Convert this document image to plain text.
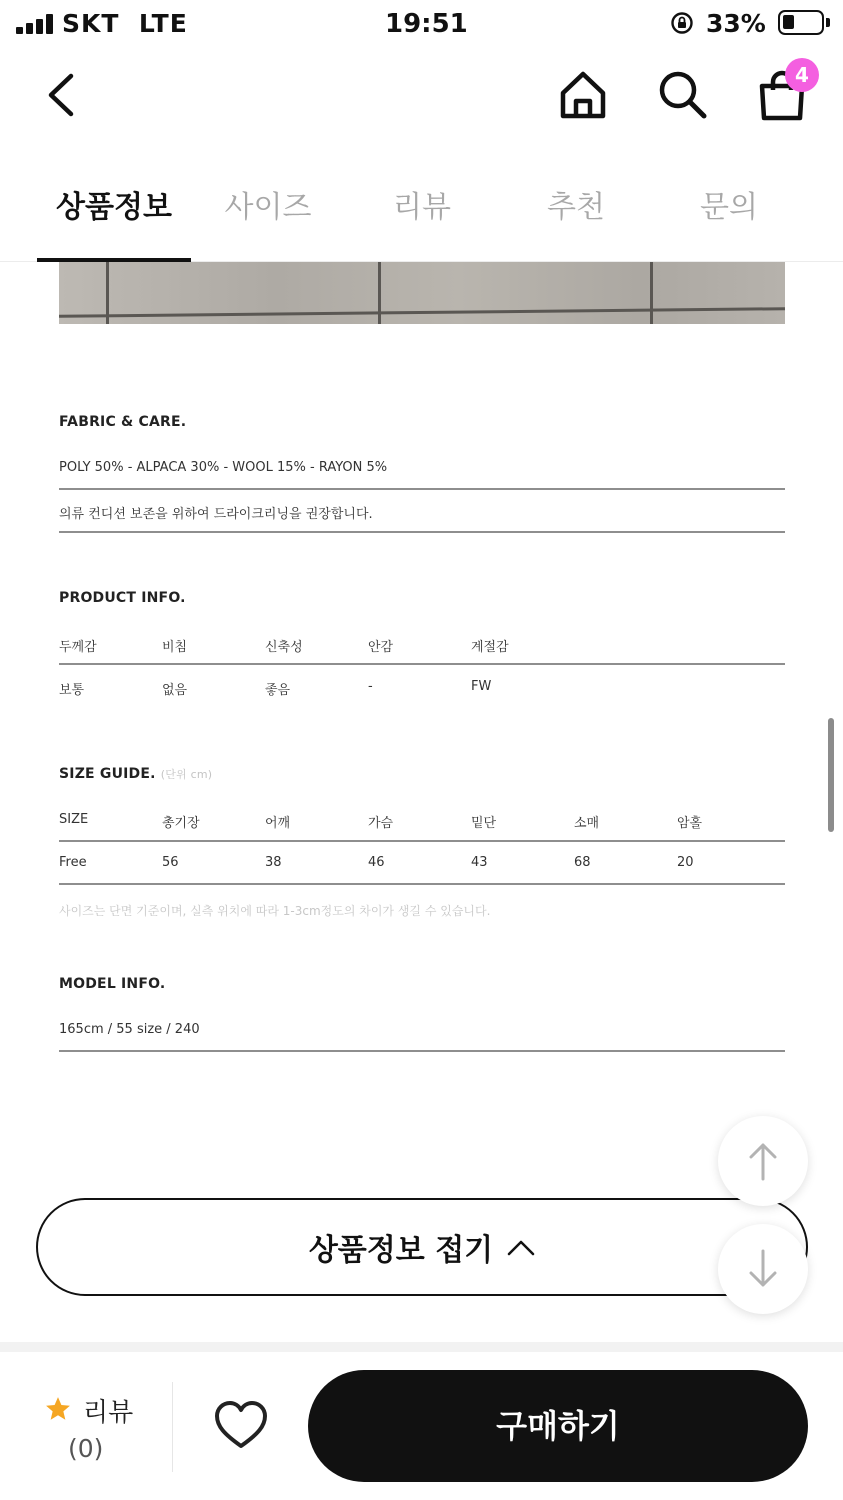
SKT LTE	19:51	33%
4
상품정보	사이즈	리뷰	추천	문의
FABRIC & CARE.
POLY 50% - ALPACA 30% - WOOL 15% - RAYON 5%
의류 컨디션 보존을 위하여 드라이크리닝을 권장합니다.
PRODUCT INFO.
두께감	비침	신축성	안감	계절감
보통	없음	좋음	-	FW
SIZE GUIDE. (단위 cm)
SIZE	총기장	어깨	가슴	밑단	소매	암홀
Free	56	38	46	43	68	20
사이즈는 단면 기준이며, 실측 위치에 따라 1-3cm정도의 차이가 생길 수 있습니다.
MODEL INFO.
165cm / 55 size / 240
상품정보 접기
리뷰
(0)
구매하기
